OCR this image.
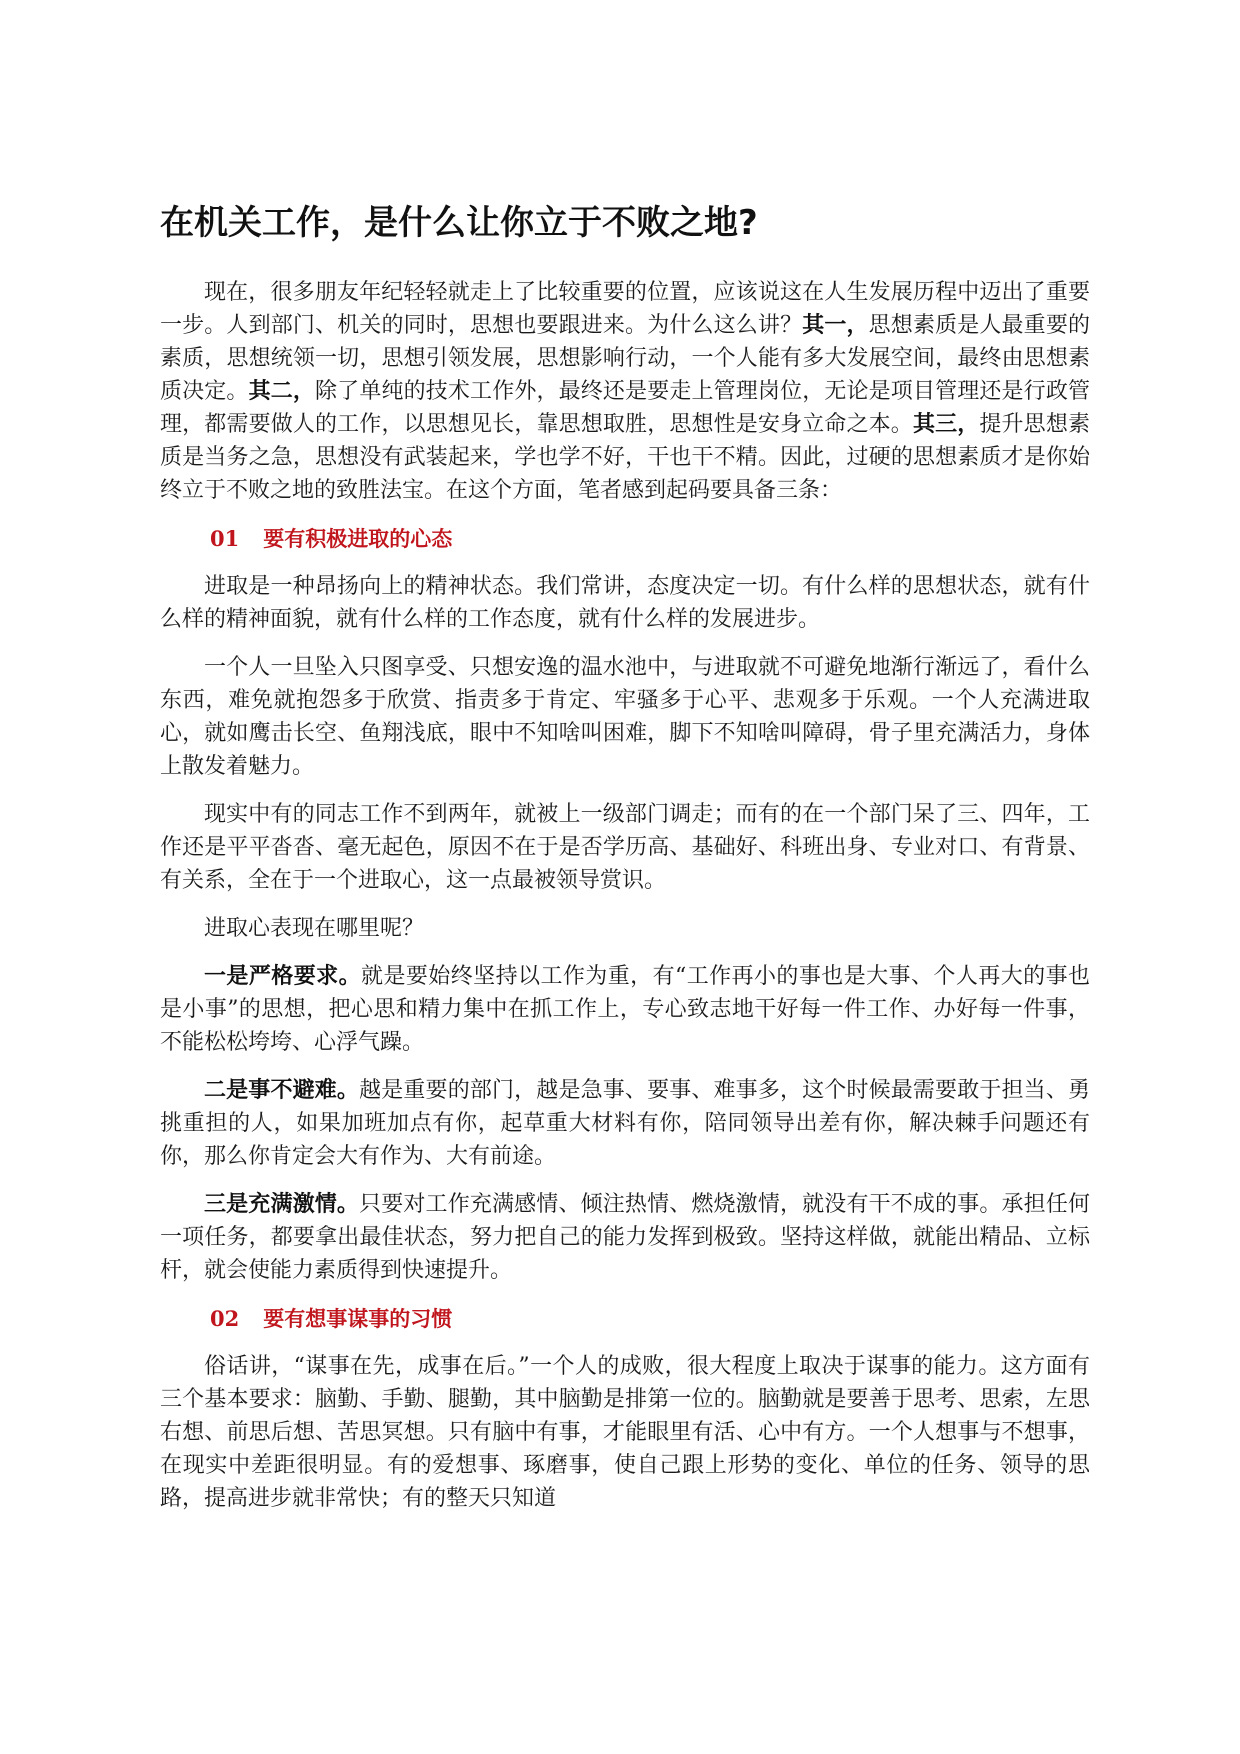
在机关工作，是什么让你立于不败之地?

现在，很多朋友年纪轻轻就走上了比较重要的位置，应该说这在人生发展历程中迈出了重要一步。人到部门、机关的同时，思想也要跟进来。为什么这么讲？其一，思想素质是人最重要的素质，思想统领一切，思想引领发展，思想影响行动，一个人能有多大发展空间，最终由思想素质决定。其二，除了单纯的技术工作外，最终还是要走上管理岗位，无论是项目管理还是行政管理，都需要做人的工作，以思想见长，靠思想取胜，思想性是安身立命之本。其三，提升思想素质是当务之急，思想没有武装起来，学也学不好，干也干不精。因此，过硬的思想素质才是你始终立于不败之地的致胜法宝。在这个方面，笔者感到起码要具备三条：

01 要有积极进取的心态

进取是一种昂扬向上的精神状态。我们常讲，态度决定一切。有什么样的思想状态，就有什么样的精神面貌，就有什么样的工作态度，就有什么样的发展进步。

一个人一旦坠入只图享受、只想安逸的温水池中，与进取就不可避免地渐行渐远了，看什么东西，难免就抱怨多于欣赏、指责多于肯定、牢骚多于心平、悲观多于乐观。一个人充满进取心，就如鹰击长空、鱼翔浅底，眼中不知啥叫困难，脚下不知啥叫障碍，骨子里充满活力，身体上散发着魅力。

现实中有的同志工作不到两年，就被上一级部门调走；而有的在一个部门呆了三、四年，工作还是平平沓沓、毫无起色，原因不在于是否学历高、基础好、科班出身、专业对口、有背景、有关系，全在于一个进取心，这一点最被领导赏识。

进取心表现在哪里呢？

一是严格要求。就是要始终坚持以工作为重，有“工作再小的事也是大事、个人再大的事也是小事”的思想，把心思和精力集中在抓工作上，专心致志地干好每一件工作、办好每一件事，不能松松垮垮、心浮气躁。

二是事不避难。越是重要的部门，越是急事、要事、难事多，这个时候最需要敢于担当、勇挑重担的人，如果加班加点有你，起草重大材料有你，陪同领导出差有你，解决棘手问题还有你，那么你肯定会大有作为、大有前途。

三是充满激情。只要对工作充满感情、倾注热情、燃烧激情，就没有干不成的事。承担任何一项任务，都要拿出最佳状态，努力把自己的能力发挥到极致。坚持这样做，就能出精品、立标杆，就会使能力素质得到快速提升。

02 要有想事谋事的习惯

俗话讲，“谋事在先，成事在后。”一个人的成败，很大程度上取决于谋事的能力。这方面有三个基本要求：脑勤、手勤、腿勤，其中脑勤是排第一位的。脑勤就是要善于思考、思索，左思右想、前思后想、苦思冥想。只有脑中有事，才能眼里有活、心中有方。一个人想事与不想事，在现实中差距很明显。有的爱想事、琢磨事，使自己跟上形势的变化、单位的任务、领导的思路，提高进步就非常快；有的整天只知道
